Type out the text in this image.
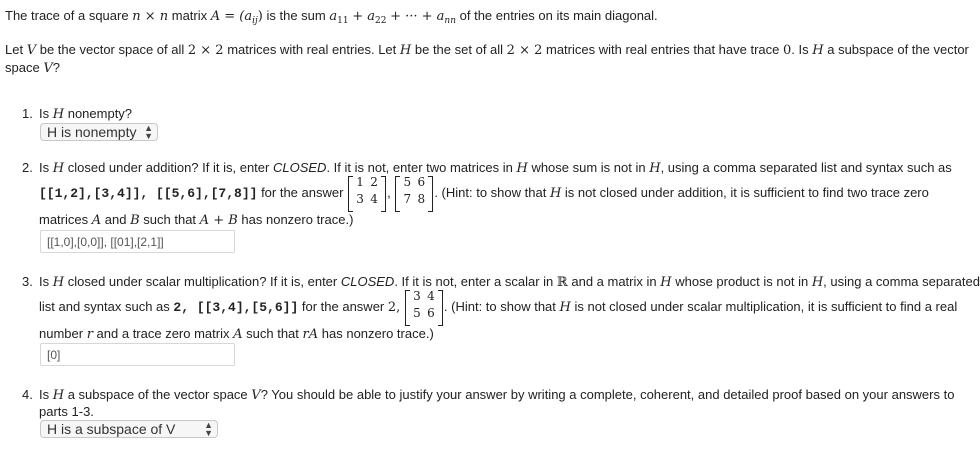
The trace of a square n × n matrix $A = (a_{ij})$ is the sum $a_{11} + a_{22}$ + ··· + $a_{nn}$ of the entries on its main diagonal.
Let V be the vector space of all 2 × 2 matrices with real entries. Let H be the set of all 2 × 2 matrices with real entries that have trace 0. Is H a subspace of the vector
space V?
1. Is H nonempty?
H is nonempty ▲
▼
2. Is H closed under addition? If it is, enter CLOSED. If it is not, enter two matrices in H whose sum is not in H, using a comma separated list and syntax such as
[[1,2],[3,4]], [[5,6],[7,8]] for the answer
1 2
3 4 ,
5 6
7 8 . (Hint: to show that H is not closed under addition, it is sufficient to find two trace zero
matrices A and B such that A + B has nonzero trace.)
[[1,0],[0,0]], [[01],[2,1]]
3. Is H closed under scalar multiplication? If it is, enter CLOSED. If it is not, enter a scalar in ℝ and a matrix in H whose product is not in H, using a comma separated
list and syntax such as 2, [[3,4],[5,6]] for the answer 2,
3 4
5 6 . (Hint: to show that H is not closed under scalar multiplication, it is sufficient to find a real
number r and a trace zero matrix A such that rA has nonzero trace.)
[0]
4. Is H a subspace of the vector space V? You should be able to justify your answer by writing a complete, coherent, and detailed proof based on your answers to
parts 1-3.
H is a subspace of V	▲
▼
